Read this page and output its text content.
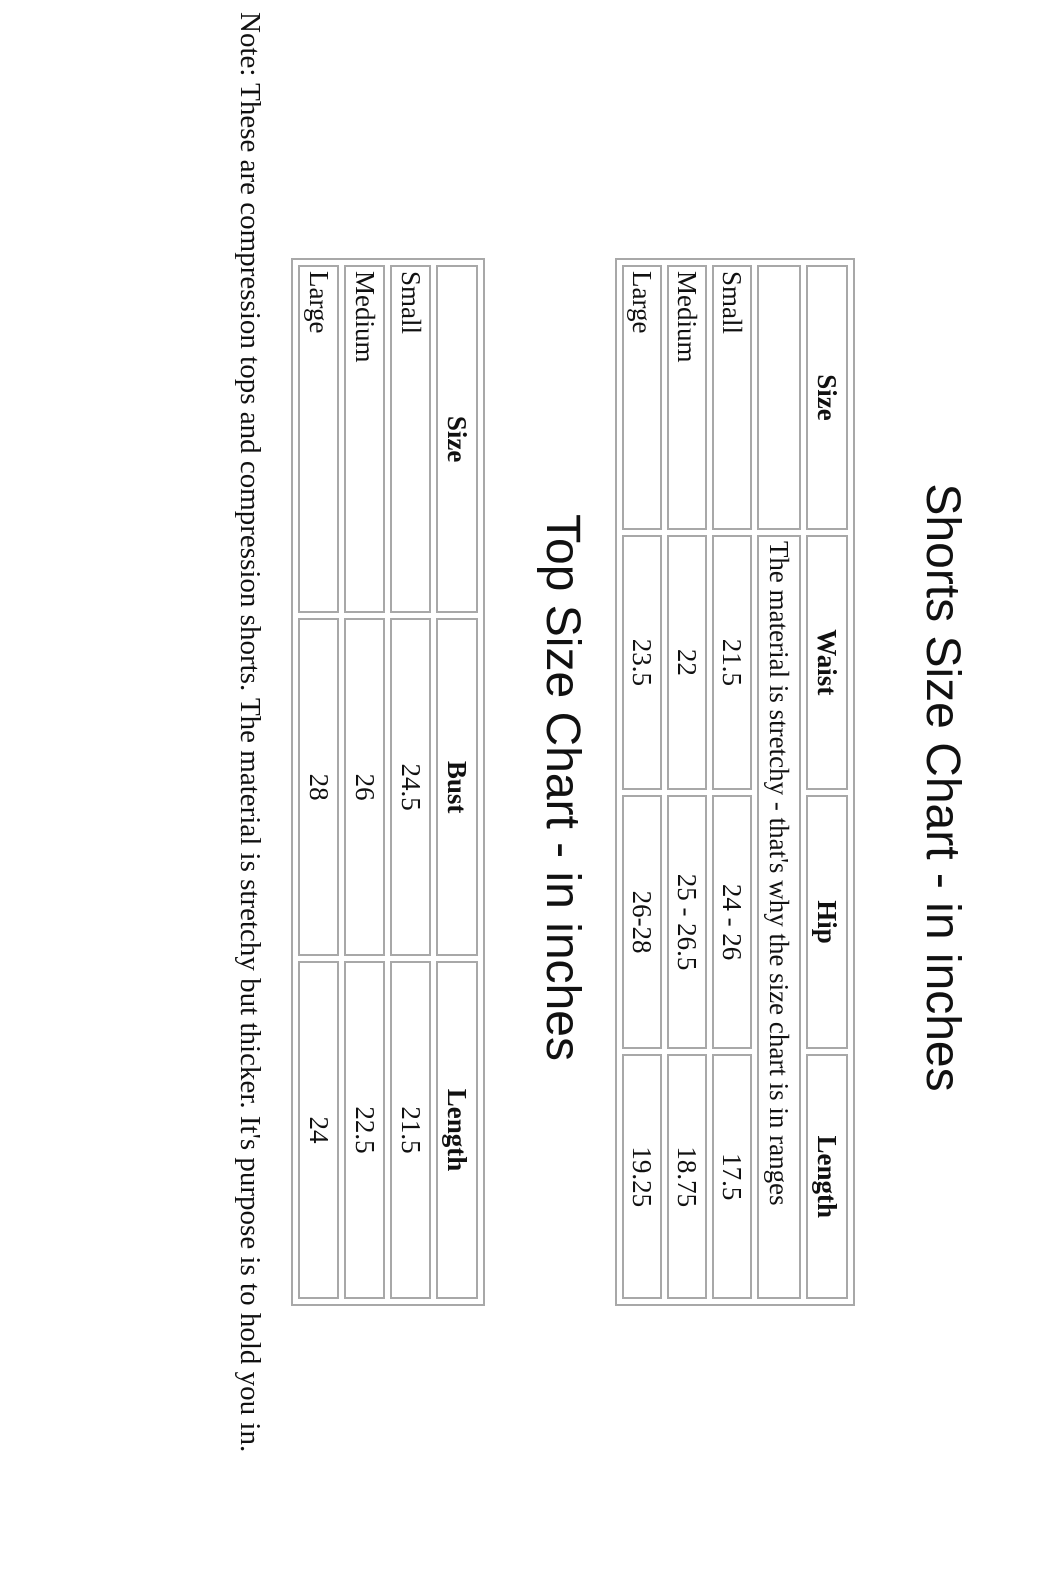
Shorts Size Chart - in inches
Size	Waist	Hip	Length
	The material is stretchy - that's why the size chart is in ranges		
Small	21.5	24 - 26	17.5
Medium	22	25 - 26.5	18.75
Large	23.5	26-28	19.25
Top Size Chart - in inches
Size	Bust	Length
Small	24.5	21.5
Medium	26	22.5
Large	28	24

Note: These are compression tops and compression shorts. The material is stretchy but thicker. It's purpose is to hold you in.
